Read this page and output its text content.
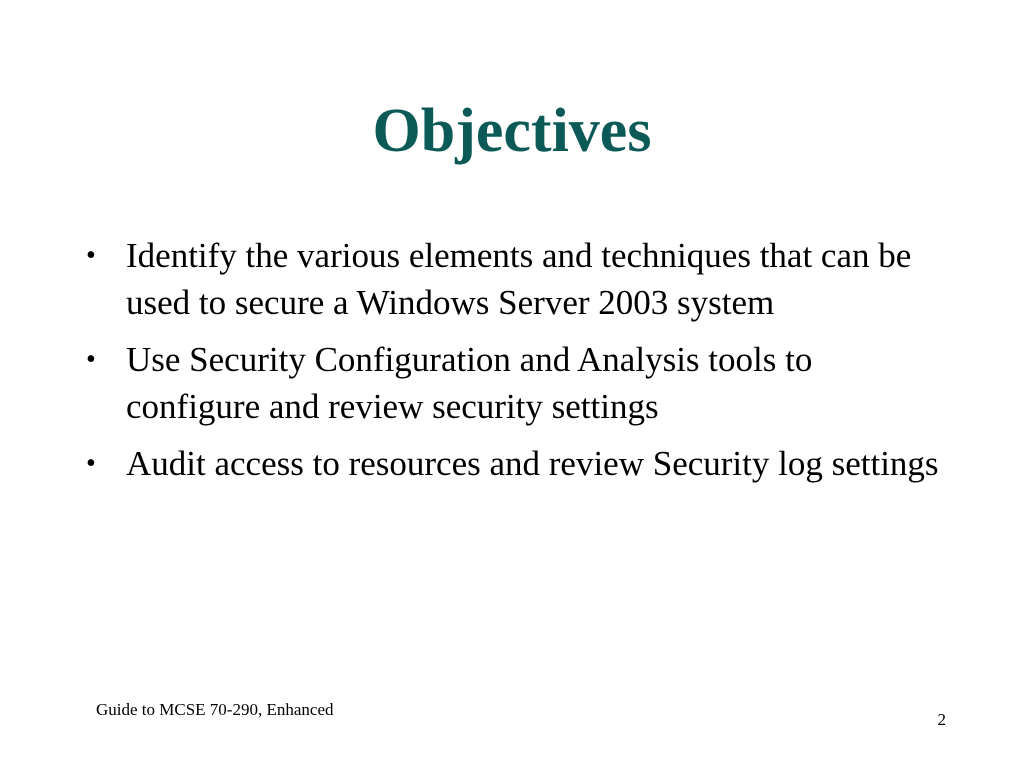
Objectives
• Identify the various elements and techniques that can be used to secure a Windows Server 2003 system
• Use Security Configuration and Analysis tools to configure and review security settings
• Audit access to resources and review Security log settings
Guide to MCSE 70-290, Enhanced
2
